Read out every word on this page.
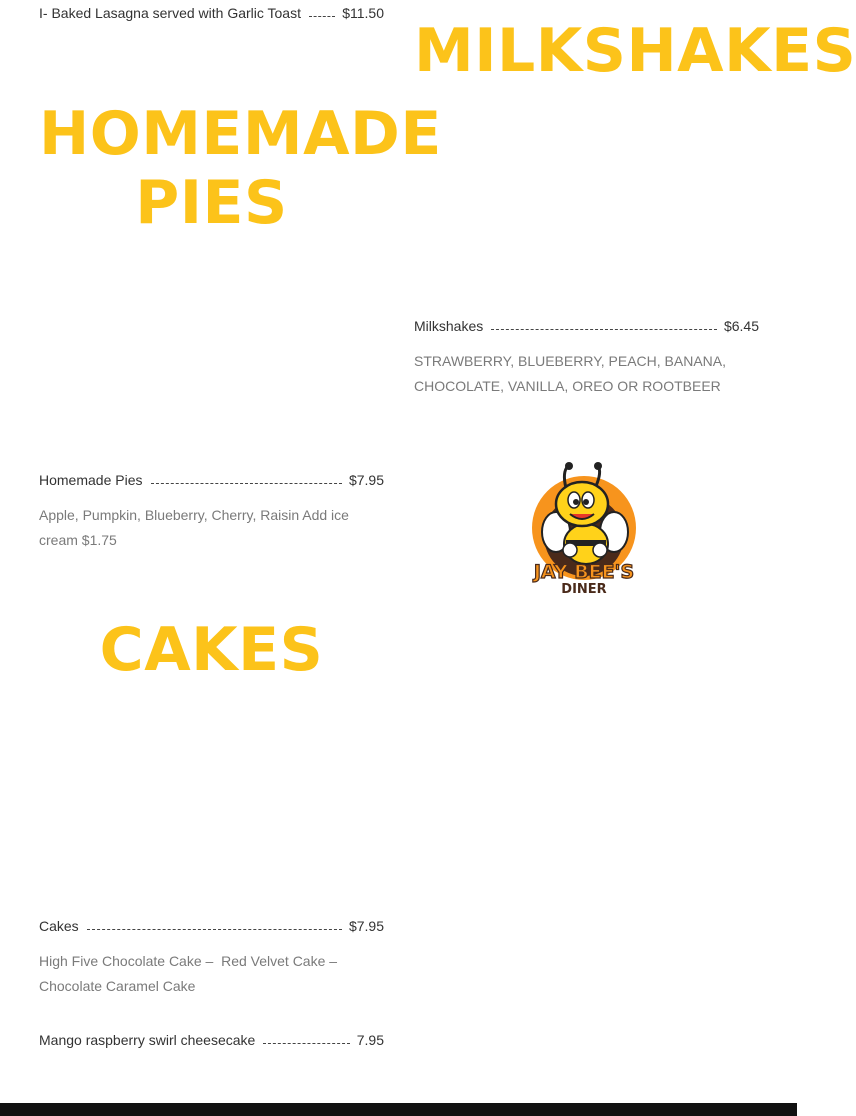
I- Baked Lasagna served with Garlic Toast	$11.50
MILKSHAKES
HOMEMADE
PIES
Milkshakes	$6.45
STRAWBERRY, BLUEBERRY, PEACH, BANANA, CHOCOLATE, VANILLA, OREO OR ROOTBEER
JAY BEE'S
DINER
Homemade Pies	$7.95
Apple, Pumpkin, Blueberry, Cherry, Raisin Add ice cream $1.75
CAKES
Cakes	$7.95
High Five Chocolate Cake –  Red Velvet Cake – Chocolate Caramel Cake
Mango raspberry swirl cheesecake	7.95
